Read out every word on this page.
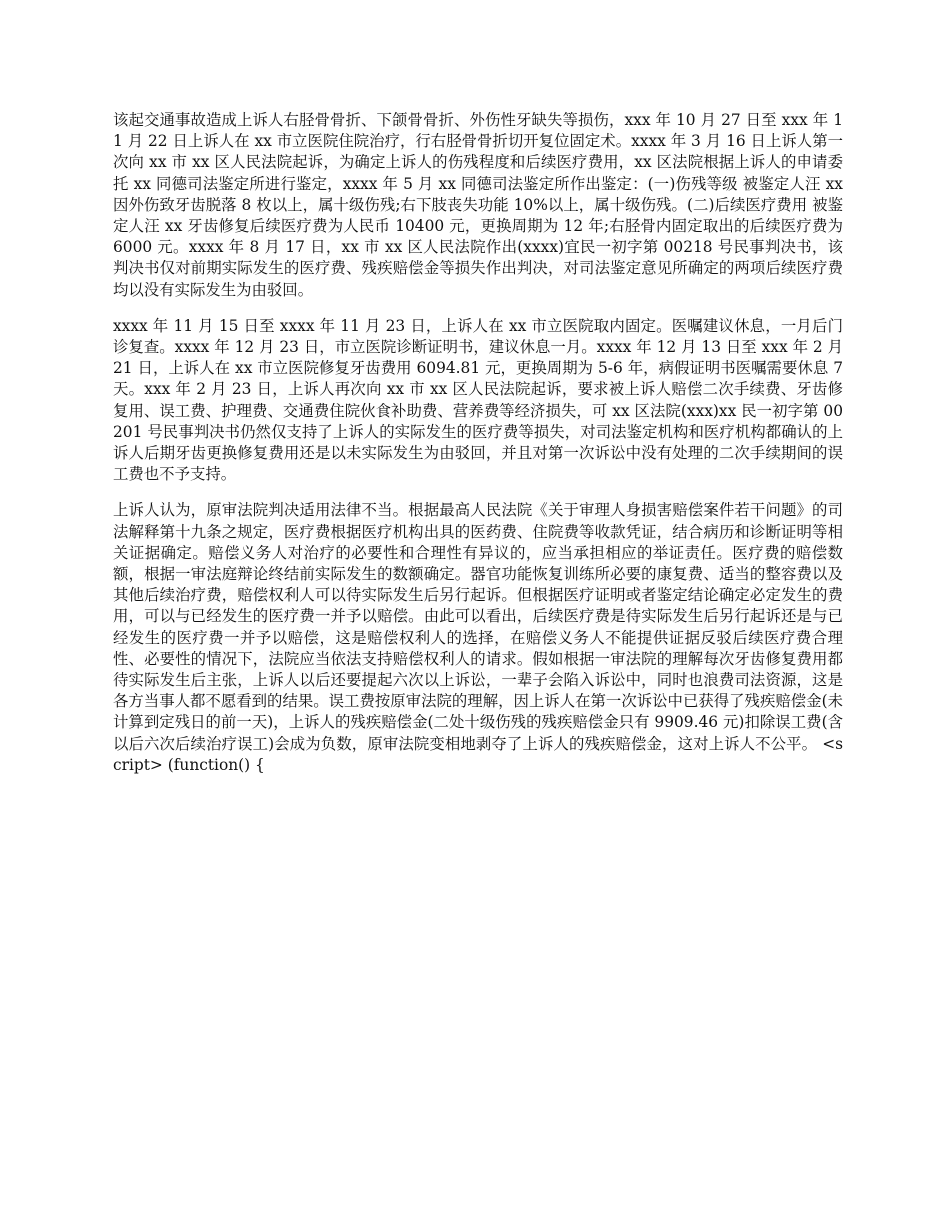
该起交通事故造成上诉人右胫骨骨折、下颌骨骨折、外伤性牙缺失等损伤，xxx 年 10 月 27 日至 xxx 年 11 月 22 日上诉人在 xx 市立医院住院治疗，行右胫骨骨折切开复位固定术。xxxx 年 3 月 16 日上诉人第一次向 xx 市 xx 区人民法院起诉，为确定上诉人的伤残程度和后续医疗费用，xx 区法院根据上诉人的申请委托 xx 同德司法鉴定所进行鉴定，xxxx 年 5 月 xx 同德司法鉴定所作出鉴定：(一)伤残等级 被鉴定人汪 xx 因外伤致牙齿脱落 8 枚以上，属十级伤残;右下肢丧失功能 10%以上，属十级伤残。(二)后续医疗费用 被鉴定人汪 xx 牙齿修复后续医疗费为人民币 10400 元，更换周期为 12 年;右胫骨内固定取出的后续医疗费为 6000 元。xxxx 年 8 月 17 日，xx 市 xx 区人民法院作出(xxxx)宜民一初字第 00218 号民事判决书，该判决书仅对前期实际发生的医疗费、残疾赔偿金等损失作出判决，对司法鉴定意见所确定的两项后续医疗费均以没有实际发生为由驳回。

xxxx 年 11 月 15 日至 xxxx 年 11 月 23 日，上诉人在 xx 市立医院取内固定。医嘱建议休息，一月后门诊复查。xxxx 年 12 月 23 日，市立医院诊断证明书，建议休息一月。xxxx 年 12 月 13 日至 xxx 年 2 月 21 日，上诉人在 xx 市立医院修复牙齿费用 6094.81 元，更换周期为 5-6 年，病假证明书医嘱需要休息 7 天。xxx 年 2 月 23 日，上诉人再次向 xx 市 xx 区人民法院起诉，要求被上诉人赔偿二次手续费、牙齿修复用、误工费、护理费、交通费住院伙食补助费、营养费等经济损失，可 xx 区法院(xxx)xx 民一初字第 00201 号民事判决书仍然仅支持了上诉人的实际发生的医疗费等损失，对司法鉴定机构和医疗机构都确认的上诉人后期牙齿更换修复费用还是以未实际发生为由驳回，并且对第一次诉讼中没有处理的二次手续期间的误工费也不予支持。

上诉人认为，原审法院判决适用法律不当。根据最高人民法院《关于审理人身损害赔偿案件若干问题》的司法解释第十九条之规定，医疗费根据医疗机构出具的医药费、住院费等收款凭证，结合病历和诊断证明等相关证据确定。赔偿义务人对治疗的必要性和合理性有异议的，应当承担相应的举证责任。医疗费的赔偿数额，根据一审法庭辩论终结前实际发生的数额确定。器官功能恢复训练所必要的康复费、适当的整容费以及其他后续治疗费，赔偿权利人可以待实际发生后另行起诉。但根据医疗证明或者鉴定结论确定必定发生的费用，可以与已经发生的医疗费一并予以赔偿。由此可以看出，后续医疗费是待实际发生后另行起诉还是与已经发生的医疗费一并予以赔偿，这是赔偿权利人的选择，在赔偿义务人不能提供证据反驳后续医疗费合理性、必要性的情况下，法院应当依法支持赔偿权利人的请求。假如根据一审法院的理解每次牙齿修复费用都待实际发生后主张，上诉人以后还要提起六次以上诉讼，一辈子会陷入诉讼中，同时也浪费司法资源，这是各方当事人都不愿看到的结果。误工费按原审法院的理解，因上诉人在第一次诉讼中已获得了残疾赔偿金(未计算到定残日的前一天)，上诉人的残疾赔偿金(二处十级伤残的残疾赔偿金只有 9909.46 元)扣除误工费(含以后六次后续治疗误工)会成为负数，原审法院变相地剥夺了上诉人的残疾赔偿金，这对上诉人不公平。 <script> (function() {
